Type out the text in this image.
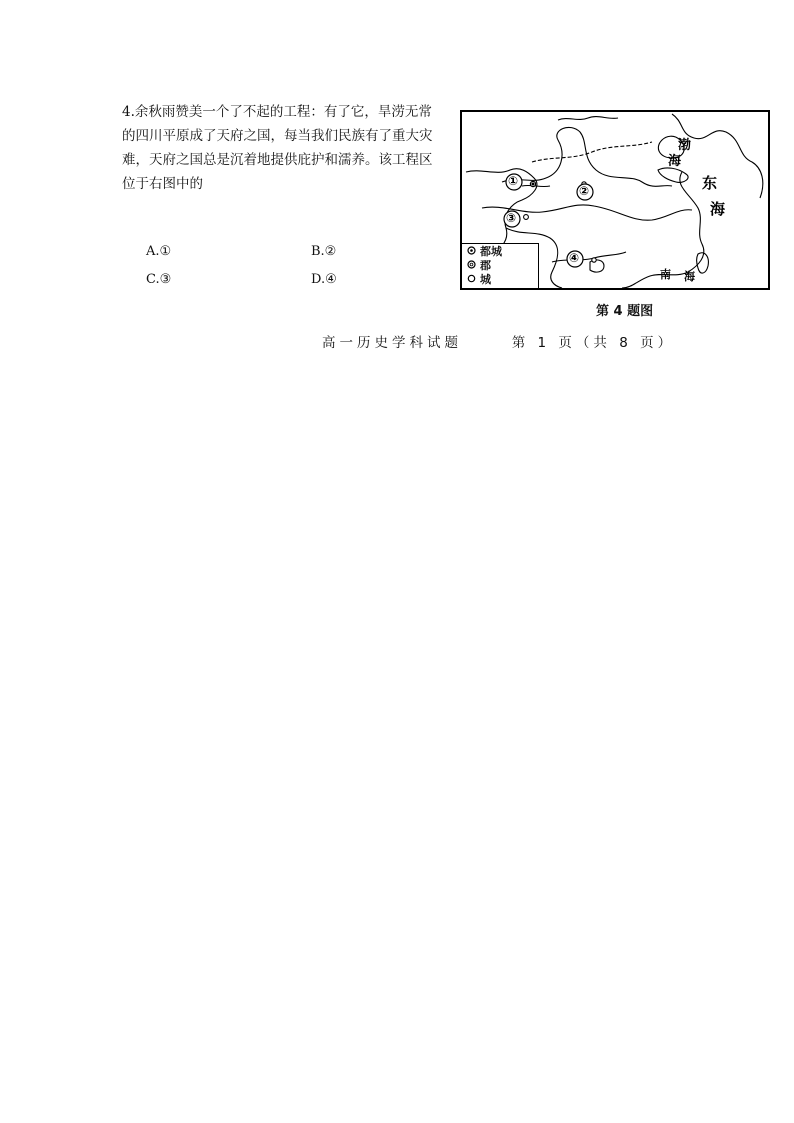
4.余秋雨赞美一个了不起的工程：有了它，旱涝无常

的四川平原成了天府之国，每当我们民族有了重大灾

难，天府之国总是沉着地提供庇护和濡养。该工程区

位于右图中的

A.①	B.②
C.③	D.④
①
②
③
④
渤
海
东
海
南 海
都城
郡
城
第 4 题图
高一历史学科试题	第 1 页（共 8 页）
